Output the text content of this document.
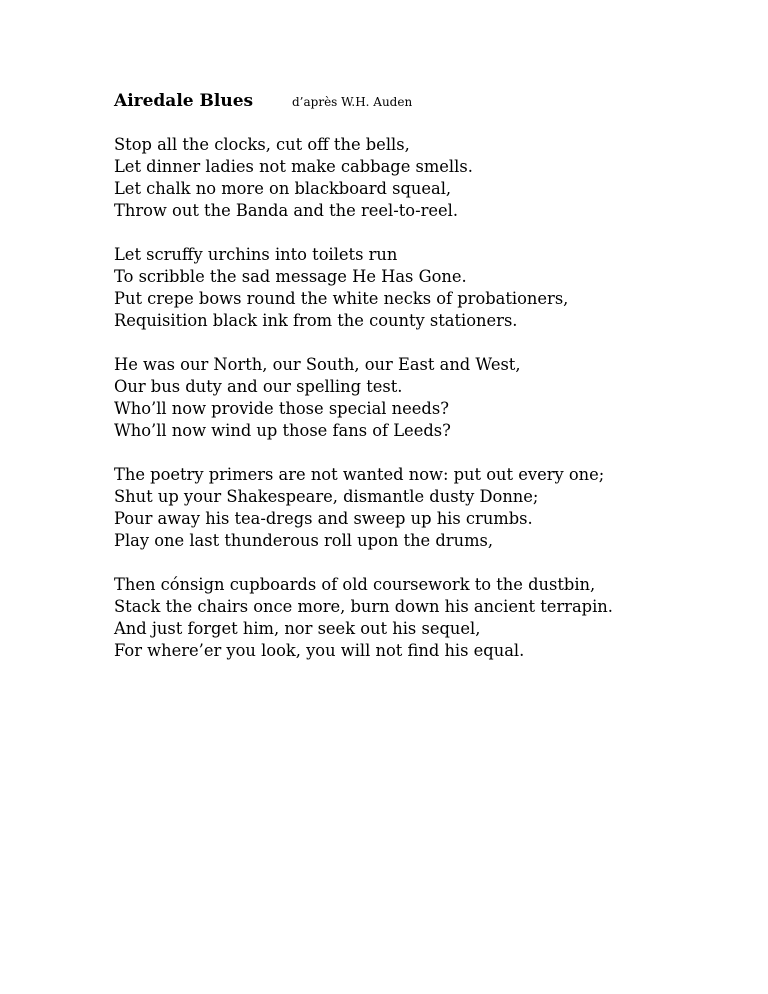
Airedale Blues	d’après W.H. Auden
Stop all the clocks, cut off the bells,
Let dinner ladies not make cabbage smells.
Let chalk no more on blackboard squeal,
Throw out the Banda and the reel-to-reel.
Let scruffy urchins into toilets run
To scribble the sad message He Has Gone.
Put crepe bows round the white necks of probationers,
Requisition black ink from the county stationers.
He was our North, our South, our East and West,
Our bus duty and our spelling test.
Who’ll now provide those special needs?
Who’ll now wind up those fans of Leeds?
The poetry primers are not wanted now: put out every one;
Shut up your Shakespeare, dismantle dusty Donne;
Pour away his tea-dregs and sweep up his crumbs.
Play one last thunderous roll upon the drums,
Then cónsign cupboards of old coursework to the dustbin,
Stack the chairs once more, burn down his ancient terrapin.
And just forget him, nor seek out his sequel,
For where’er you look, you will not find his equal.
